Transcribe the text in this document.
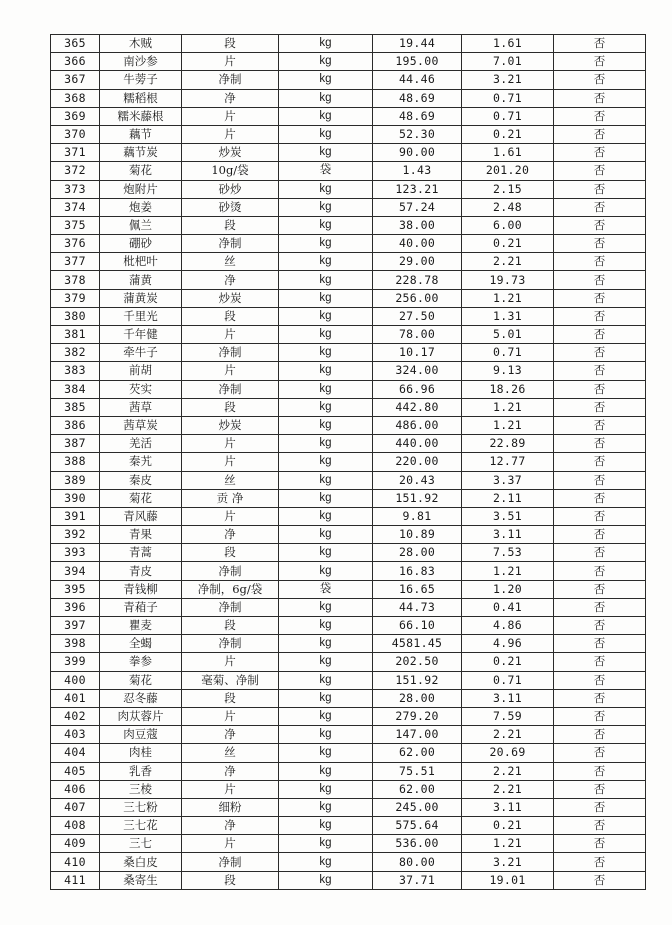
365	木贼	段	kg	19.44	1.61	否
366	南沙参	片	kg	195.00	7.01	否
367	牛蒡子	净制	kg	44.46	3.21	否
368	糯稻根	净	kg	48.69	0.71	否
369	糯米藤根	片	kg	48.69	0.71	否
370	藕节	片	kg	52.30	0.21	否
371	藕节炭	炒炭	kg	90.00	1.61	否
372	菊花	10g/袋	袋	1.43	201.20	否
373	炮附片	砂炒	kg	123.21	2.15	否
374	炮姜	砂烫	kg	57.24	2.48	否
375	佩兰	段	kg	38.00	6.00	否
376	硼砂	净制	kg	40.00	0.21	否
377	枇杷叶	丝	kg	29.00	2.21	否
378	蒲黄	净	kg	228.78	19.73	否
379	蒲黄炭	炒炭	kg	256.00	1.21	否
380	千里光	段	kg	27.50	1.31	否
381	千年健	片	kg	78.00	5.01	否
382	牵牛子	净制	kg	10.17	0.71	否
383	前胡	片	kg	324.00	9.13	否
384	芡实	净制	kg	66.96	18.26	否
385	茜草	段	kg	442.80	1.21	否
386	茜草炭	炒炭	kg	486.00	1.21	否
387	羌活	片	kg	440.00	22.89	否
388	秦艽	片	kg	220.00	12.77	否
389	秦皮	丝	kg	20.43	3.37	否
390	菊花	贡 净	kg	151.92	2.11	否
391	青风藤	片	kg	9.81	3.51	否
392	青果	净	kg	10.89	3.11	否
393	青蒿	段	kg	28.00	7.53	否
394	青皮	净制	kg	16.83	1.21	否
395	青钱柳	净制，6g/袋	袋	16.65	1.20	否
396	青葙子	净制	kg	44.73	0.41	否
397	瞿麦	段	kg	66.10	4.86	否
398	全蝎	净制	kg	4581.45	4.96	否
399	拳参	片	kg	202.50	0.21	否
400	菊花	毫菊、净制	kg	151.92	0.71	否
401	忍冬藤	段	kg	28.00	3.11	否
402	肉苁蓉片	片	kg	279.20	7.59	否
403	肉豆蔻	净	kg	147.00	2.21	否
404	肉桂	丝	kg	62.00	20.69	否
405	乳香	净	kg	75.51	2.21	否
406	三棱	片	kg	62.00	2.21	否
407	三七粉	细粉	kg	245.00	3.11	否
408	三七花	净	kg	575.64	0.21	否
409	三七	片	kg	536.00	1.21	否
410	桑白皮	净制	kg	80.00	3.21	否
411	桑寄生	段	kg	37.71	19.01	否
